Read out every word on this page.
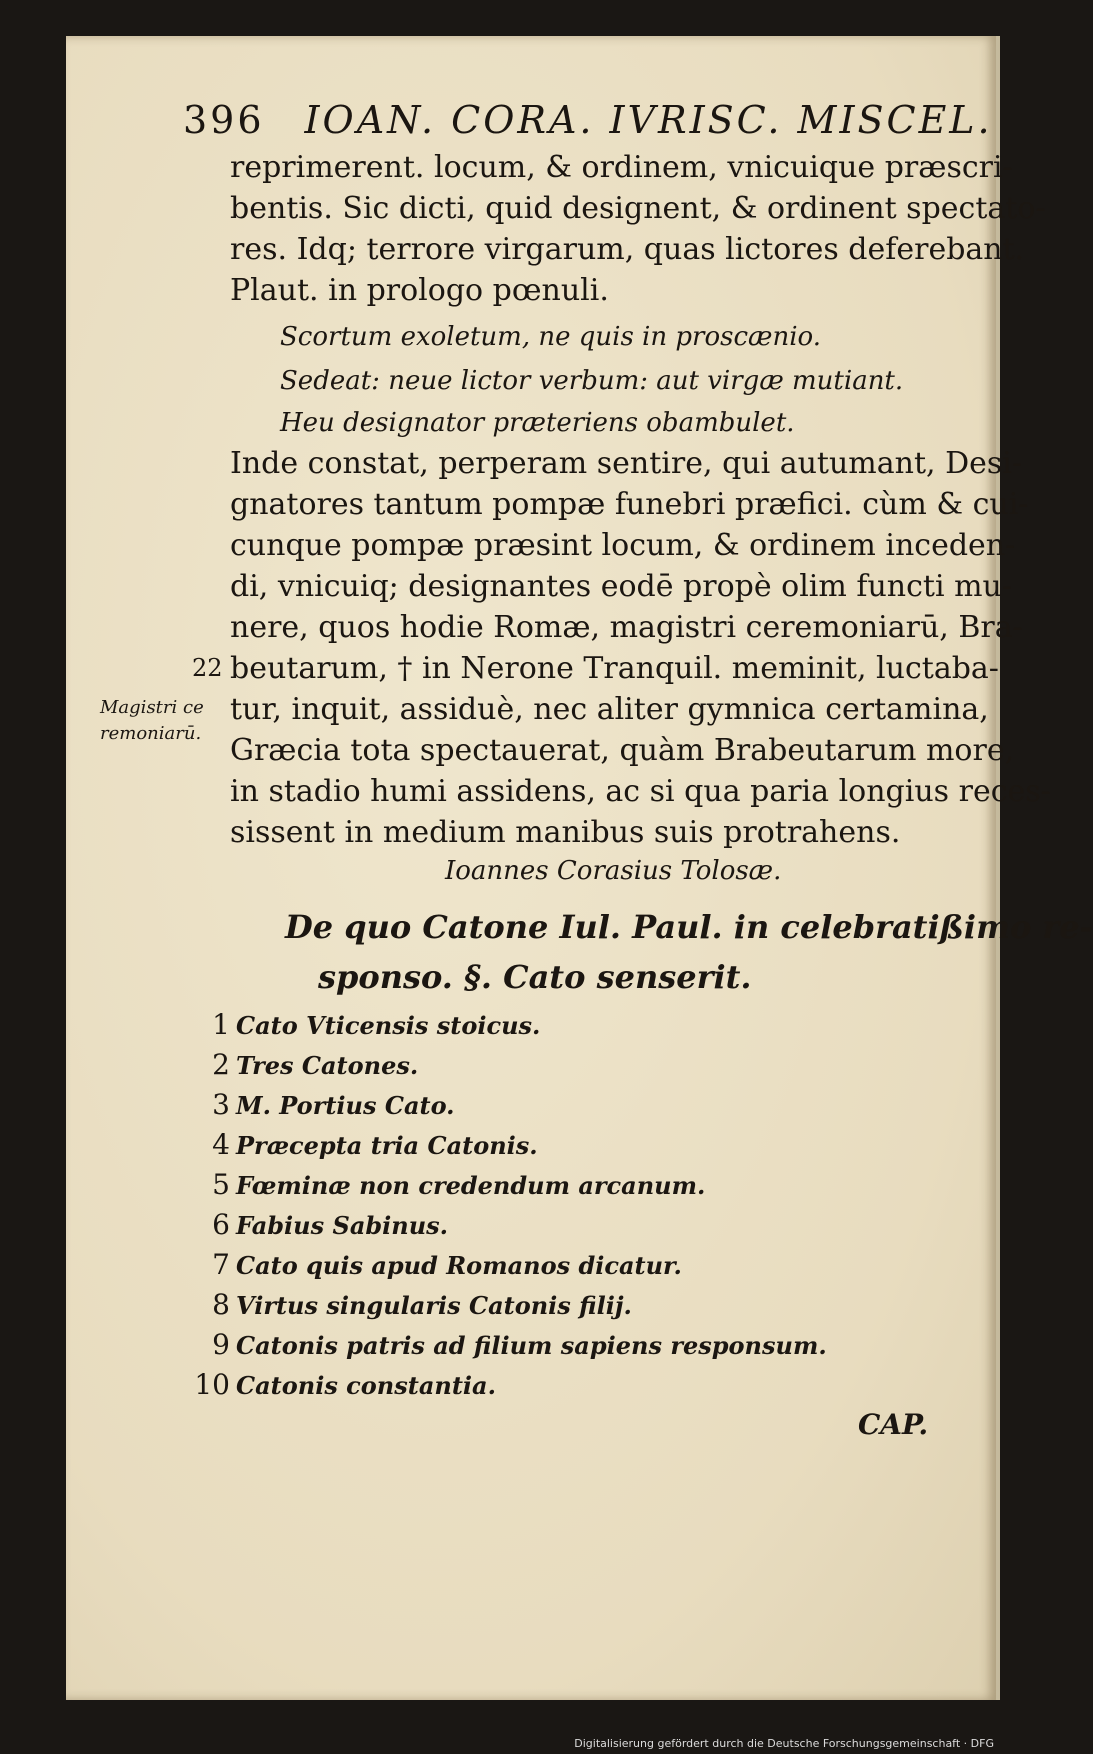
396 IOAN. CORA. IVRISC. MISCEL.
reprimerent. locum, & ordinem, vnicuique præscri-
bentis. Sic dicti, quid designent, & ordinent spectato-
res. Idq; terrore virgarum, quas lictores deferebant.
Plaut. in prologo pœnuli.
Scortum exoletum, ne quis in proscænio.
Sedeat: neue lictor verbum: aut virgæ mutiant.
Heu designator præteriens obambulet.
Inde constat, perperam sentire, qui autumant, Desi-
gnatores tantum pompæ funebri præfici. cùm & cui-
cunque pompæ præsint locum, & ordinem inceden-
di, vnicuiq; designantes eodē propè olim functi mu-
nere, quos hodie Romæ, magistri ceremoniarū, Bra-
beutarum, † in Nerone Tranquil. meminit, luctaba-
tur, inquit, assiduè, nec aliter gymnica certamina,
Græcia tota spectauerat, quàm Brabeutarum more,
in stadio humi assidens, ac si qua paria longius reces-
sissent in medium manibus suis protrahens.
22
Magistri ce
remoniarū.
Ioannes Corasius Tolosæ.
De quo Catone Iul. Paul. in celebratißimo re-
sponso. §. Cato senserit.
1 Cato Vticensis stoicus.
2 Tres Catones.
3 M. Portius Cato.
4 Præcepta tria Catonis.
5 Fœminæ non credendum arcanum.
6 Fabius Sabinus.
7 Cato quis apud Romanos dicatur.
8 Virtus singularis Catonis filij.
9 Catonis patris ad filium sapiens responsum.
10 Catonis constantia.
CAP.
Digitalisierung gefördert durch die Deutsche Forschungsgemeinschaft · DFG
